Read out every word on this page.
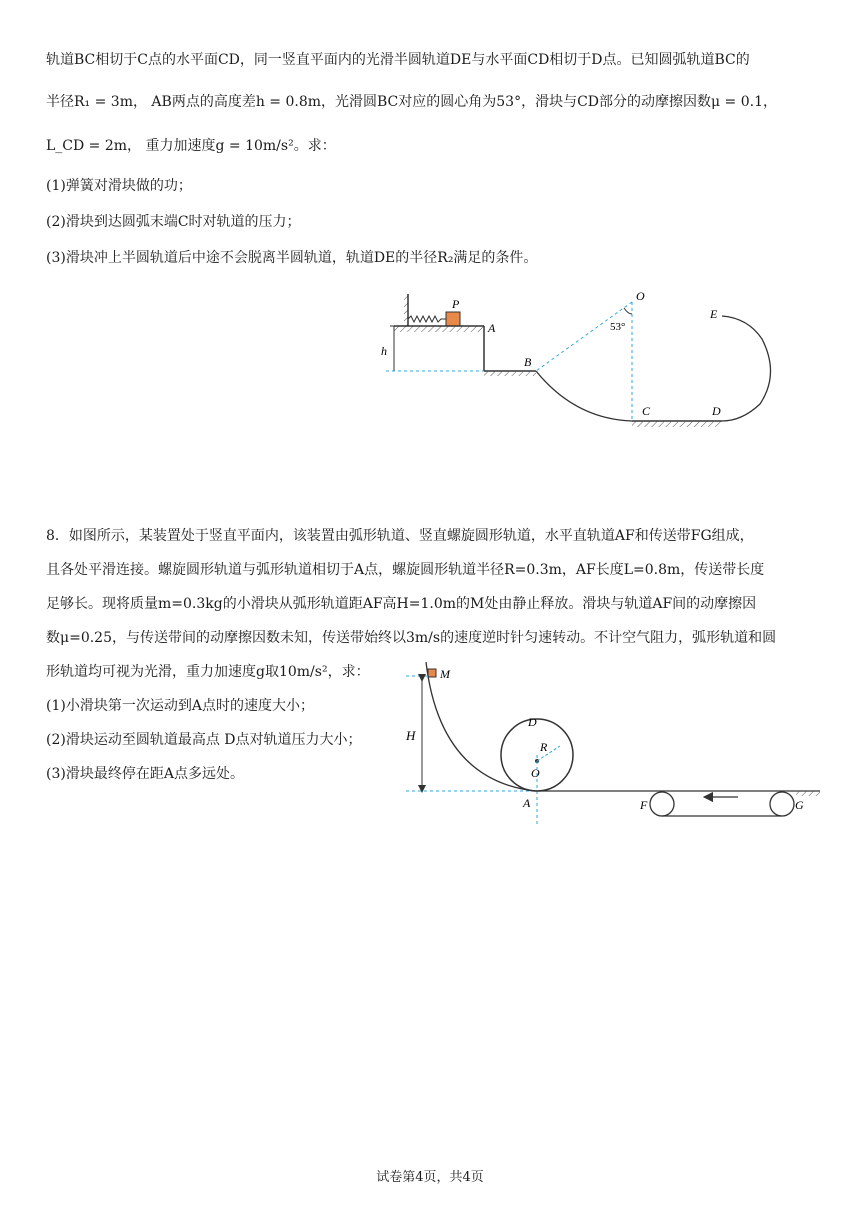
轨道BC相切于C点的水平面CD，同一竖直平面内的光滑半圆轨道DE与水平面CD相切于D点。已知圆弧轨道BC的
半径R₁ = 3m， AB两点的高度差h = 0.8m，光滑圆BC对应的圆心角为53°，滑块与CD部分的动摩擦因数μ = 0.1，
L_CD = 2m， 重力加速度g = 10m/s²。求：
(1)弹簧对滑块做的功；
(2)滑块到达圆弧末端C时对轨道的压力；
(3)滑块冲上半圆轨道后中途不会脱离半圆轨道，轨道DE的半径R₂满足的条件。
P
A
h
B
C	D
E
O
53°
8．如图所示，某装置处于竖直平面内，该装置由弧形轨道、竖直螺旋圆形轨道，水平直轨道AF和传送带FG组成，
且各处平滑连接。螺旋圆形轨道与弧形轨道相切于A点，螺旋圆形轨道半径R=0.3m，AF长度L=0.8m，传送带长度
足够长。现将质量m=0.3kg的小滑块从弧形轨道距AF高H=1.0m的M处由静止释放。滑块与轨道AF间的动摩擦因
数μ=0.25，与传送带间的动摩擦因数未知，传送带始终以3m/s的速度逆时针匀速转动。不计空气阻力，弧形轨道和圆
形轨道均可视为光滑，重力加速度g取10m/s²，求：
(1)小滑块第一次运动到A点时的速度大小；
(2)滑块运动至圆轨道最高点 D点对轨道压力大小；
(3)滑块最终停在距A点多远处。
M
H
D
R
O
A	F	G
试卷第4页，共4页
